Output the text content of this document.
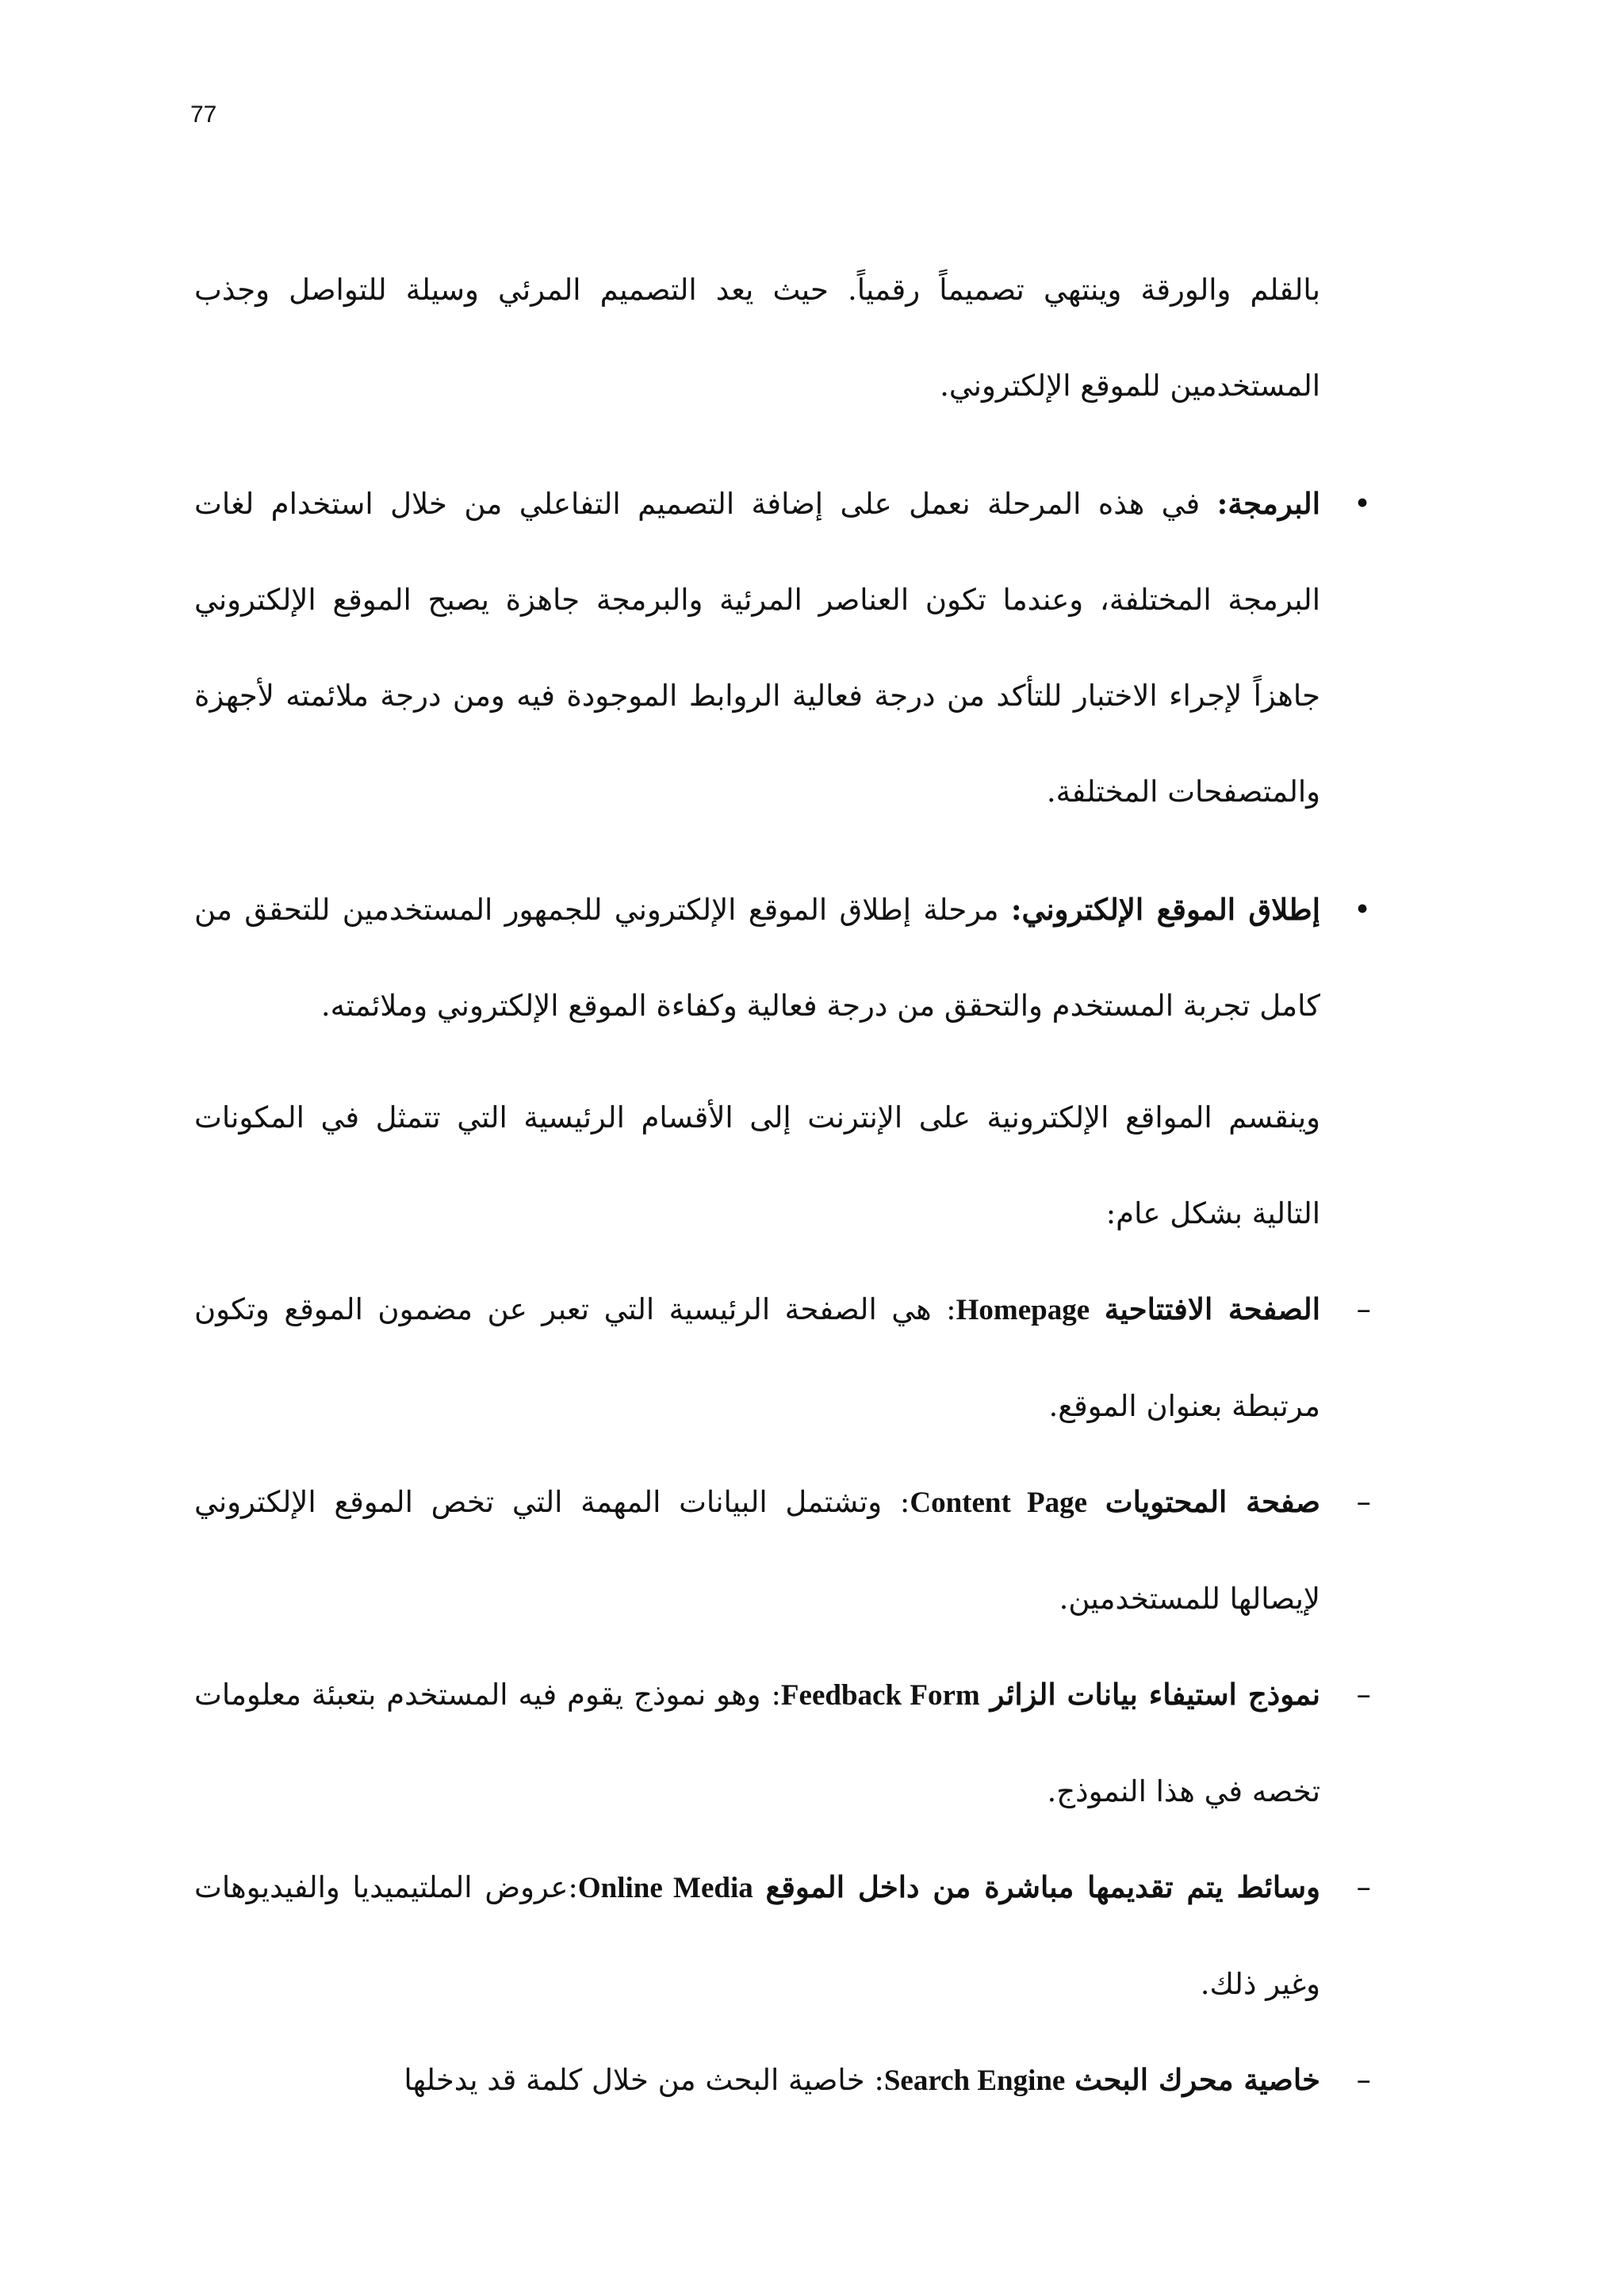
77

بالقلم والورقة وينتهي تصميماً رقمياً. حيث يعد التصميم المرئي وسيلة للتواصل وجذب المستخدمين للموقع الإلكتروني.

•
البرمجة: في هذه المرحلة نعمل على إضافة التصميم التفاعلي من خلال استخدام لغات البرمجة المختلفة، وعندما تكون العناصر المرئية والبرمجة جاهزة يصبح الموقع الإلكتروني جاهزاً لإجراء الاختبار للتأكد من درجة فعالية الروابط الموجودة فيه ومن درجة ملائمته لأجهزة والمتصفحات المختلفة.

•
إطلاق الموقع الإلكتروني: مرحلة إطلاق الموقع الإلكتروني للجمهور المستخدمين للتحقق من كامل تجربة المستخدم والتحقق من درجة فعالية وكفاءة الموقع الإلكتروني وملائمته.

وينقسم المواقع الإلكترونية على الإنترنت إلى الأقسام الرئيسية التي تتمثل في المكونات التالية بشكل عام:

–
الصفحة الافتتاحية Homepage: هي الصفحة الرئيسية التي تعبر عن مضمون الموقع وتكون مرتبطة بعنوان الموقع.

–
صفحة المحتويات Content Page: وتشتمل البيانات المهمة التي تخص الموقع الإلكتروني لإيصالها للمستخدمين.

–
نموذج استيفاء بيانات الزائر Feedback Form: وهو نموذج يقوم فيه المستخدم بتعبئة معلومات تخصه في هذا النموذج.

–
وسائط يتم تقديمها مباشرة من داخل الموقع Online Media:عروض الملتيميديا والفيديوهات وغير ذلك.

–
خاصية محرك البحث Search Engine: خاصية البحث من خلال كلمة قد يدخلها
